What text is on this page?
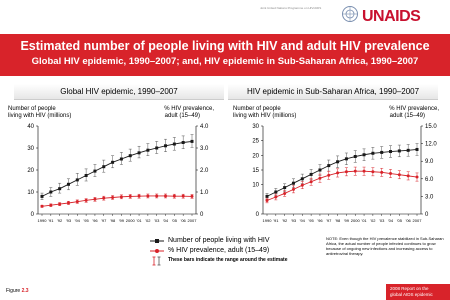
Joint United Nations Programme on HIV/AIDS	UNAIDS
Estimated number of people living with HIV and adult HIV prevalence
Global HIV epidemic, 1990–2007; and, HIV epidemic in Sub-Saharan Africa, 1990–2007
Global HIV epidemic, 1990–2007	HIV epidemic in Sub-Saharan Africa, 1990–2007
Number of people
living with HIV (millions)
% HIV prevalence,
adult (15–49)
0
10
20
30
40
0
1.0
2.0
3.0
4.0
1990 '91 '92 '93 '94 '95 '96 '97 '98 '99 2000 '01 '02 '03 '04 '05 '06 2007
Number of people
living with HIV (millions)
% HIV prevalence,
adult (15–49)
0
10
15
20
25
30
0
3.0
6.0
9.0
12.0
15.0
1990 '91 '92 '93 '94 '95 '96 '97 '98 '99 2000 '01 '02 '03 '04 '05 '06 2007
Number of people living with HIV
% HIV prevalence, adult (15–49)
These bars indicate the range around the estimate
NOTE: Even though the HIV prevalence stabilized in Sub-Saharan Africa, the actual number of people infected continues to grow because of ongoing new infections and increasing access to antiretroviral therapy.
Figure 2.3	2008 Report on the
global AIDS epidemic
